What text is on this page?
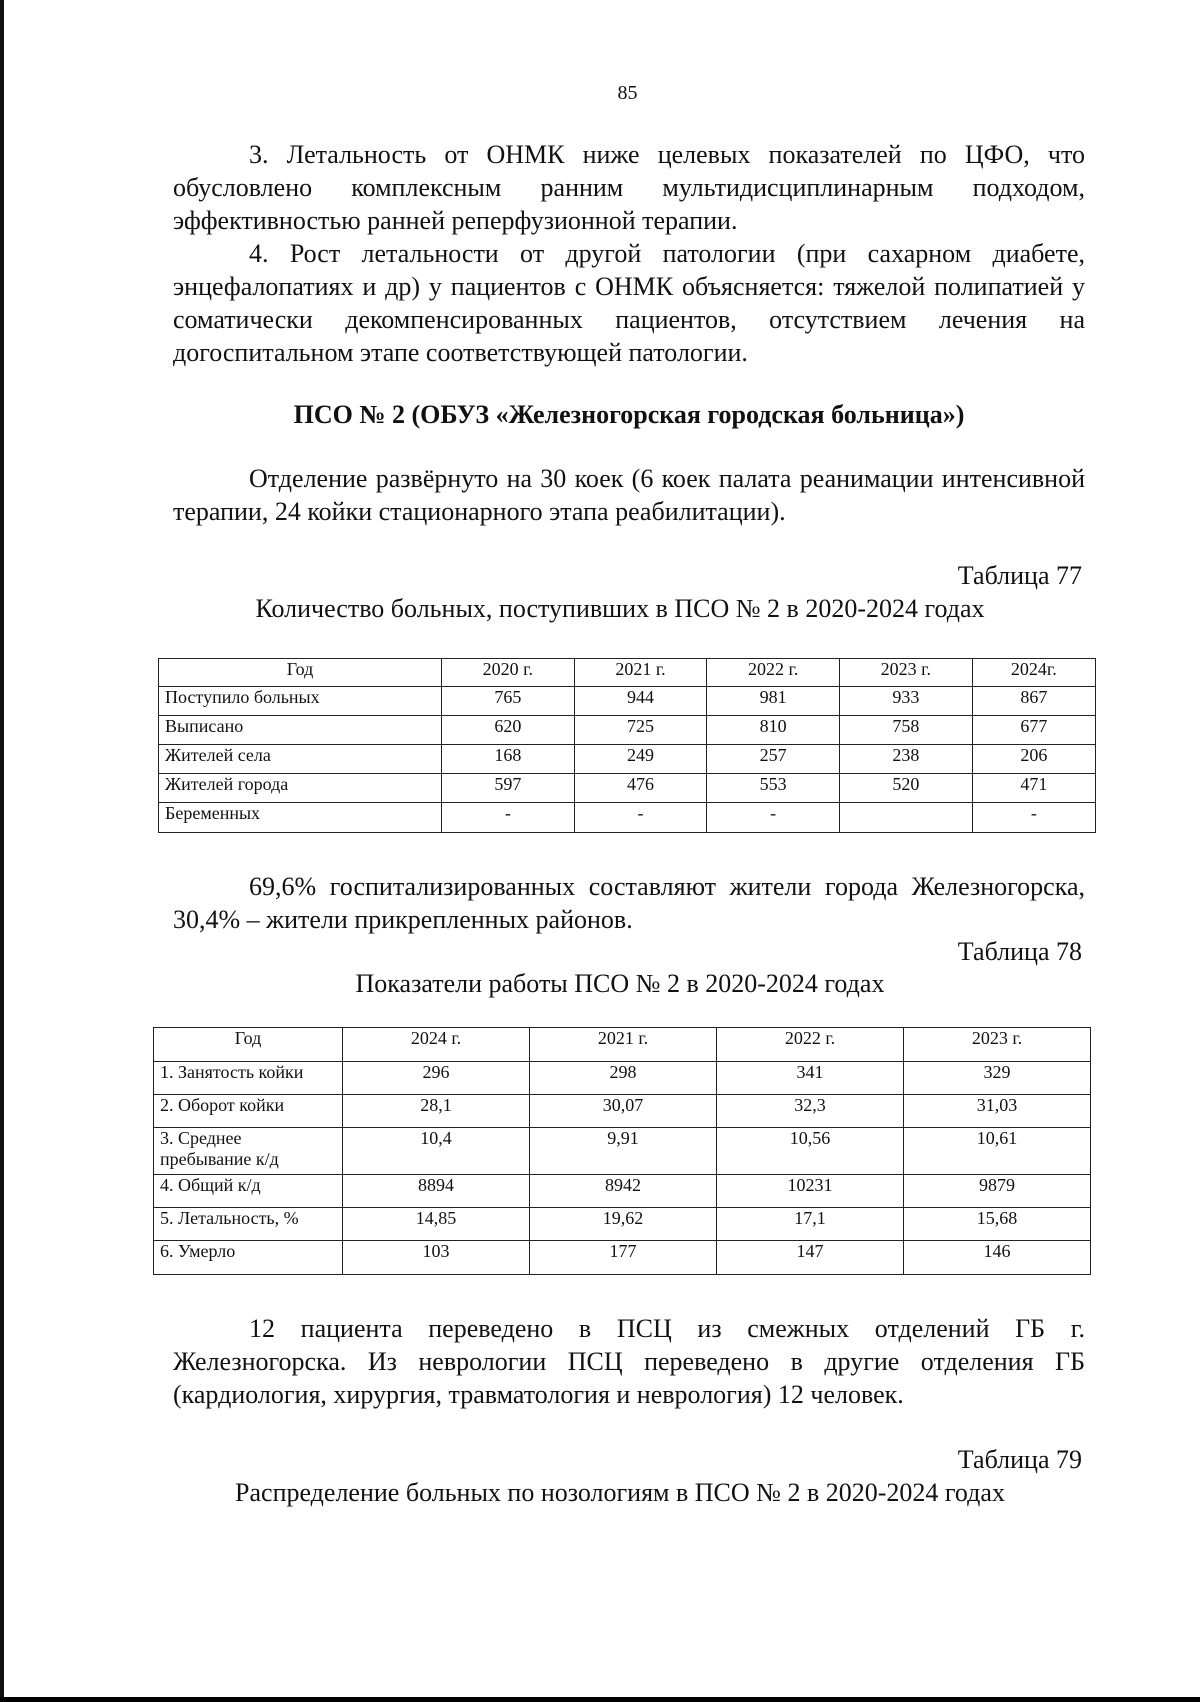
85

3. Летальность от ОНМК ниже целевых показателей по ЦФО, что обусловлено комплексным ранним мультидисциплинарным подходом, эффективностью ранней реперфузионной терапии.

4. Рост летальности от другой патологии (при сахарном диабете, энцефалопатиях и др) у пациентов с ОНМК объясняется: тяжелой полипатией у соматически декомпенсированных пациентов, отсутствием лечения на догоспитальном этапе соответствующей патологии.

ПСО № 2 (ОБУЗ «Железногорская городская больница»)

Отделение развёрнуто на 30 коек (6 коек палата реанимации интенсивной терапии, 24 койки стационарного этапа реабилитации).

Таблица 77
Количество больных, поступивших в ПСО № 2 в 2020-2024 годах
Год	2020 г.	2021 г.	2022 г.	2023 г.	2024г.
Поступило больных	765	944	981	933	867
Выписано	620	725	810	758	677
Жителей села	168	249	257	238	206
Жителей города	597	476	553	520	471
Беременных	-	-	-		-

69,6% госпитализированных составляют жители города Железногорска, 30,4% – жители прикрепленных районов.

Таблица 78
Показатели работы ПСО № 2 в 2020-2024 годах
Год	2024 г.	2021 г.	2022 г.	2023 г.
1. Занятость койки	296	298	341	329
2. Оборот койки	28,1	30,07	32,3	31,03
3. Среднее пребывание к/д	10,4	9,91	10,56	10,61
4. Общий к/д	8894	8942	10231	9879
5. Летальность, %	14,85	19,62	17,1	15,68
6. Умерло	103	177	147	146

12 пациента переведено в ПСЦ из смежных отделений ГБ г. Железногорска. Из неврологии ПСЦ переведено в другие отделения ГБ (кардиология, хирургия, травматология и неврология) 12 человек.

Таблица 79
Распределение больных по нозологиям в ПСО № 2 в 2020-2024 годах
